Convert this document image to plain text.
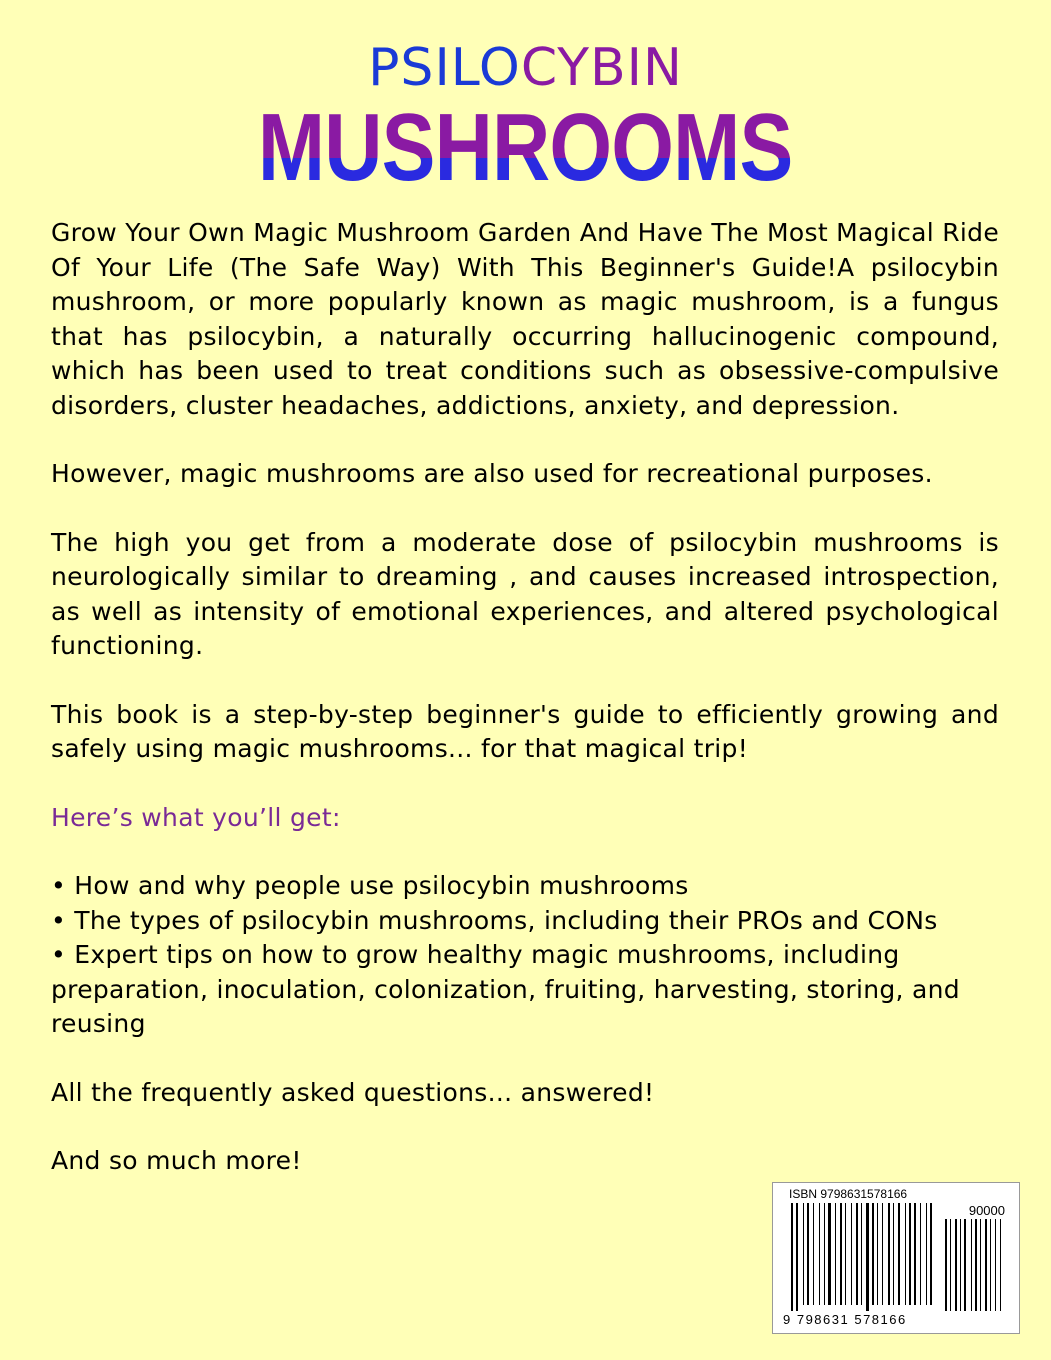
PSILOCYBIN
MUSHROOMS

Grow Your Own Magic Mushroom Garden And Have The Most Magical Ride Of Your Life (The Safe Way) With This Beginner's Guide!A psilocybin mushroom, or more popularly known as magic mushroom, is a fungus that has psilocybin, a naturally occurring hallucinogenic compound, which has been used to treat conditions such as obsessive-compulsive disorders, cluster headaches, addictions, anxiety, and depression.

However, magic mushrooms are also used for recreational purposes.

The high you get from a moderate dose of psilocybin mushrooms is neurologically similar to dreaming , and causes increased introspection, as well as intensity of emotional experiences, and altered psychological functioning.

This book is a step-by-step beginner's guide to efficiently growing and safely using magic mushrooms... for that magical trip!

Here’s what you’ll get:

• How and why people use psilocybin mushrooms
• The types of psilocybin mushrooms, including their PROs and CONs
• Expert tips on how to grow healthy magic mushrooms, including preparation, inoculation, colonization, fruiting, harvesting, storing, and reusing

All the frequently asked questions... answered!

And so much more!

ISBN 9798631578166
90000
9 798631 578166
